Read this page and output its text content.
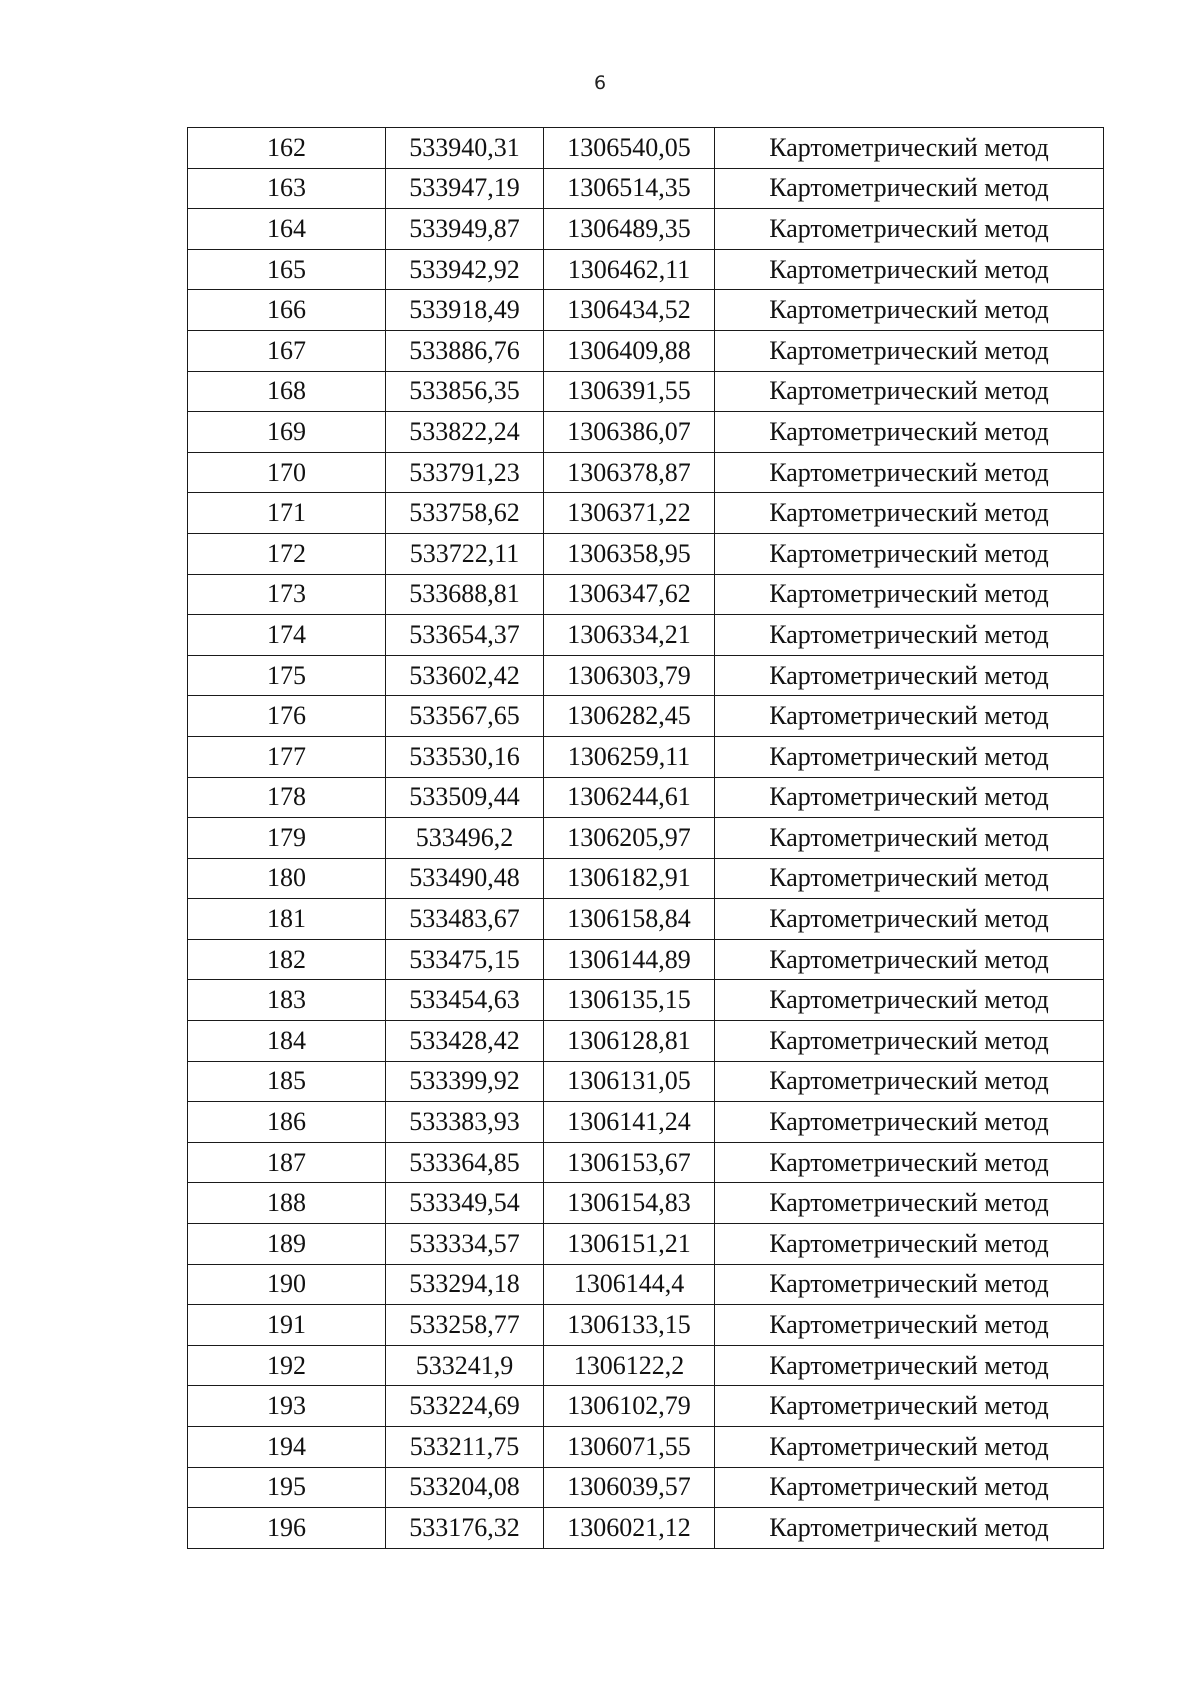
6
162	533940,31	1306540,05	Картометрический метод
163	533947,19	1306514,35	Картометрический метод
164	533949,87	1306489,35	Картометрический метод
165	533942,92	1306462,11	Картометрический метод
166	533918,49	1306434,52	Картометрический метод
167	533886,76	1306409,88	Картометрический метод
168	533856,35	1306391,55	Картометрический метод
169	533822,24	1306386,07	Картометрический метод
170	533791,23	1306378,87	Картометрический метод
171	533758,62	1306371,22	Картометрический метод
172	533722,11	1306358,95	Картометрический метод
173	533688,81	1306347,62	Картометрический метод
174	533654,37	1306334,21	Картометрический метод
175	533602,42	1306303,79	Картометрический метод
176	533567,65	1306282,45	Картометрический метод
177	533530,16	1306259,11	Картометрический метод
178	533509,44	1306244,61	Картометрический метод
179	533496,2	1306205,97	Картометрический метод
180	533490,48	1306182,91	Картометрический метод
181	533483,67	1306158,84	Картометрический метод
182	533475,15	1306144,89	Картометрический метод
183	533454,63	1306135,15	Картометрический метод
184	533428,42	1306128,81	Картометрический метод
185	533399,92	1306131,05	Картометрический метод
186	533383,93	1306141,24	Картометрический метод
187	533364,85	1306153,67	Картометрический метод
188	533349,54	1306154,83	Картометрический метод
189	533334,57	1306151,21	Картометрический метод
190	533294,18	1306144,4	Картометрический метод
191	533258,77	1306133,15	Картометрический метод
192	533241,9	1306122,2	Картометрический метод
193	533224,69	1306102,79	Картометрический метод
194	533211,75	1306071,55	Картометрический метод
195	533204,08	1306039,57	Картометрический метод
196	533176,32	1306021,12	Картометрический метод
